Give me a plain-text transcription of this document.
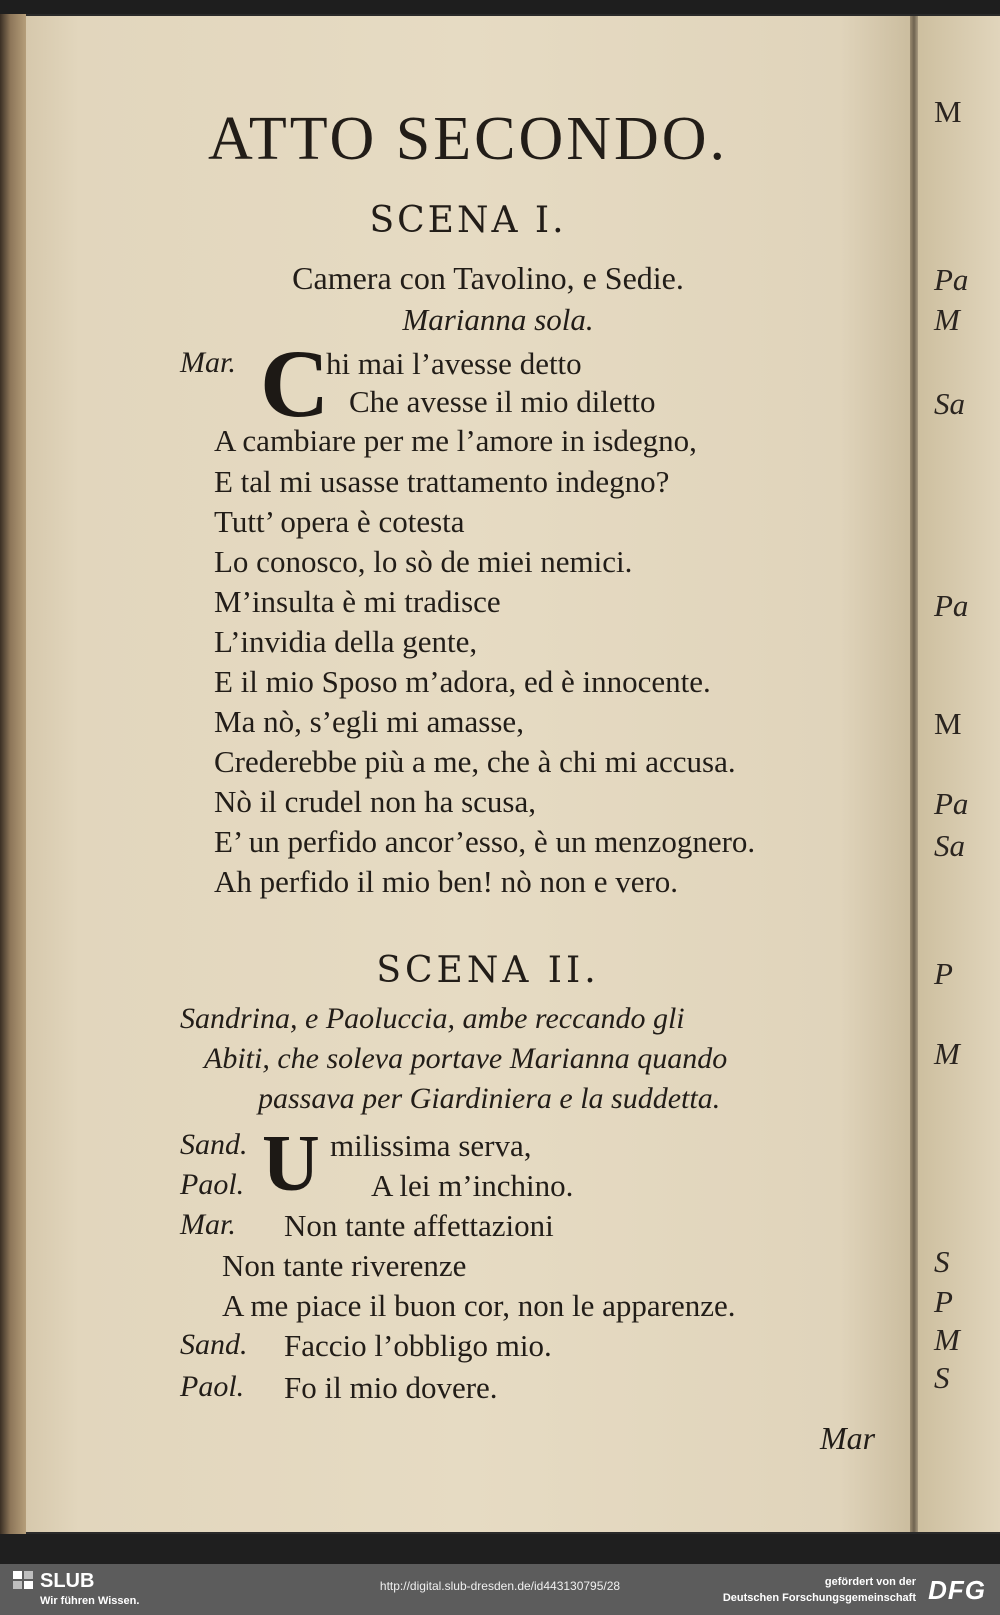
ATTO SECONDO.
SCENA I.
Camera con Tavolino, e Sedie.
Marianna sola.
Mar. C
hi mai l’avesse detto
Che avesse il mio diletto
A cambiare per me l’amore in isdegno,
E tal mi usasse trattamento indegno?
Tutt’ opera è cotesta
Lo conosco, lo sò de miei nemici.
M’insulta è mi tradisce
L’invidia della gente,
E il mio Sposo m’adora, ed è innocente.
Ma nò, s’egli mi amasse,
Crederebbe più a me, che à chi mi accusa.
Nò il crudel non ha scusa,
E’ un perfido ancor’esso, è un menzognero.
Ah perfido il mio ben! nò non e vero.
SCENA II.
Sandrina, e Paoluccia, ambe reccando gli
Abiti, che soleva portave Marianna quando
passava per Giardiniera e la suddetta.
U
Sand.	milissima serva,
Paol.	A lei m’inchino.
Mar. Non tante affettazioni
Non tante riverenze
A me piace il buon cor, non le apparenze.
Sand. Faccio l’obbligo mio.
Paol. Fo il mio dovere.
Mar
M
Pa
M
Sa
Pa
M
Pa
Sa
P
M
S
P
M
S
SLUB
Wir führen Wissen.
http://digital.slub-dresden.de/id443130795/28	gefördert von der
Deutschen Forschungsgemeinschaft DFG
